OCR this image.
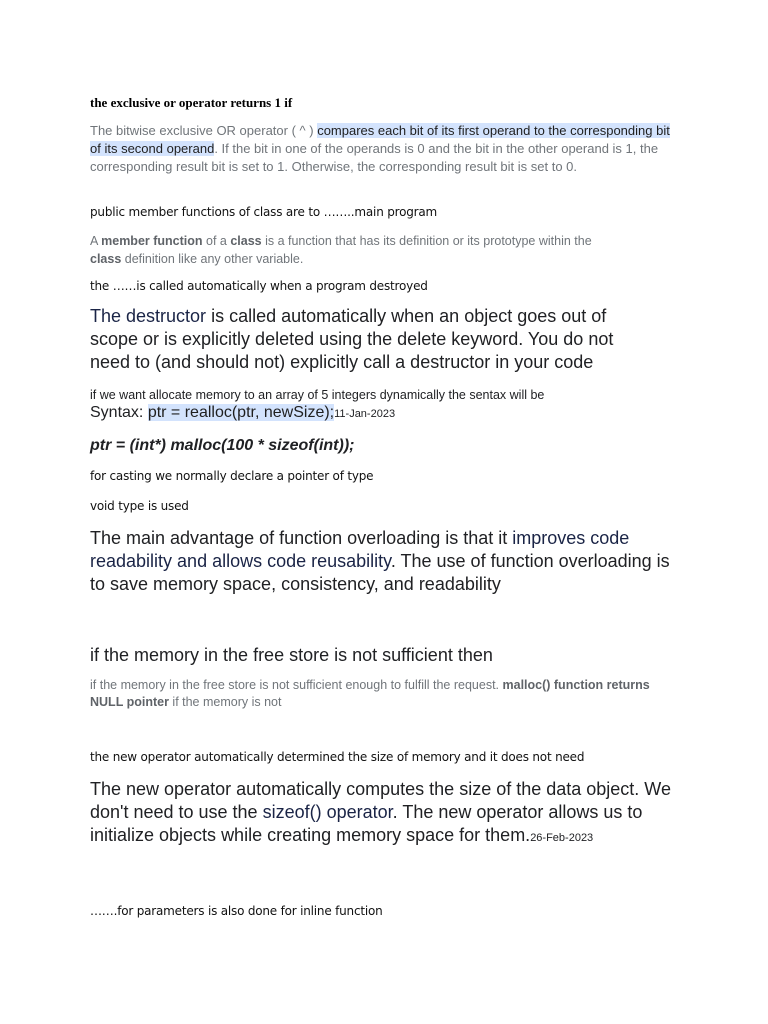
the exclusive or operator returns 1 if

The bitwise exclusive OR operator ( ^ ) compares each bit of its first operand to the corresponding bit of its second operand. If the bit in one of the operands is 0 and the bit in the other operand is 1, the corresponding result bit is set to 1. Otherwise, the corresponding result bit is set to 0.

public member functions of class are to ……..main program

A member function of a class is a function that has its definition or its prototype within the class definition like any other variable.

the ……is called automatically when a program destroyed

The destructor is called automatically when an object goes out of scope or is explicitly deleted using the delete keyword. You do not need to (and should not) explicitly call a destructor in your code

if we want allocate memory to an array of 5 integers dynamically the sentax will be

Syntax: ptr = realloc(ptr, newSize);11-Jan-2023

ptr = (int*) malloc(100 * sizeof(int));

for casting we normally declare a pointer of type

void type is used

The main advantage of function overloading is that it improves code readability and allows code reusability. The use of function overloading is to save memory space, consistency, and readability

if the memory in the free store is not sufficient then

if the memory in the free store is not sufficient enough to fulfill the request. malloc() function returns NULL pointer if the memory is not

the new operator automatically determined the size of memory and it does not need

The new operator automatically computes the size of the data object. We don't need to use the sizeof() operator. The new operator allows us to initialize objects while creating memory space for them.26-Feb-2023

…….for parameters is also done for inline function
